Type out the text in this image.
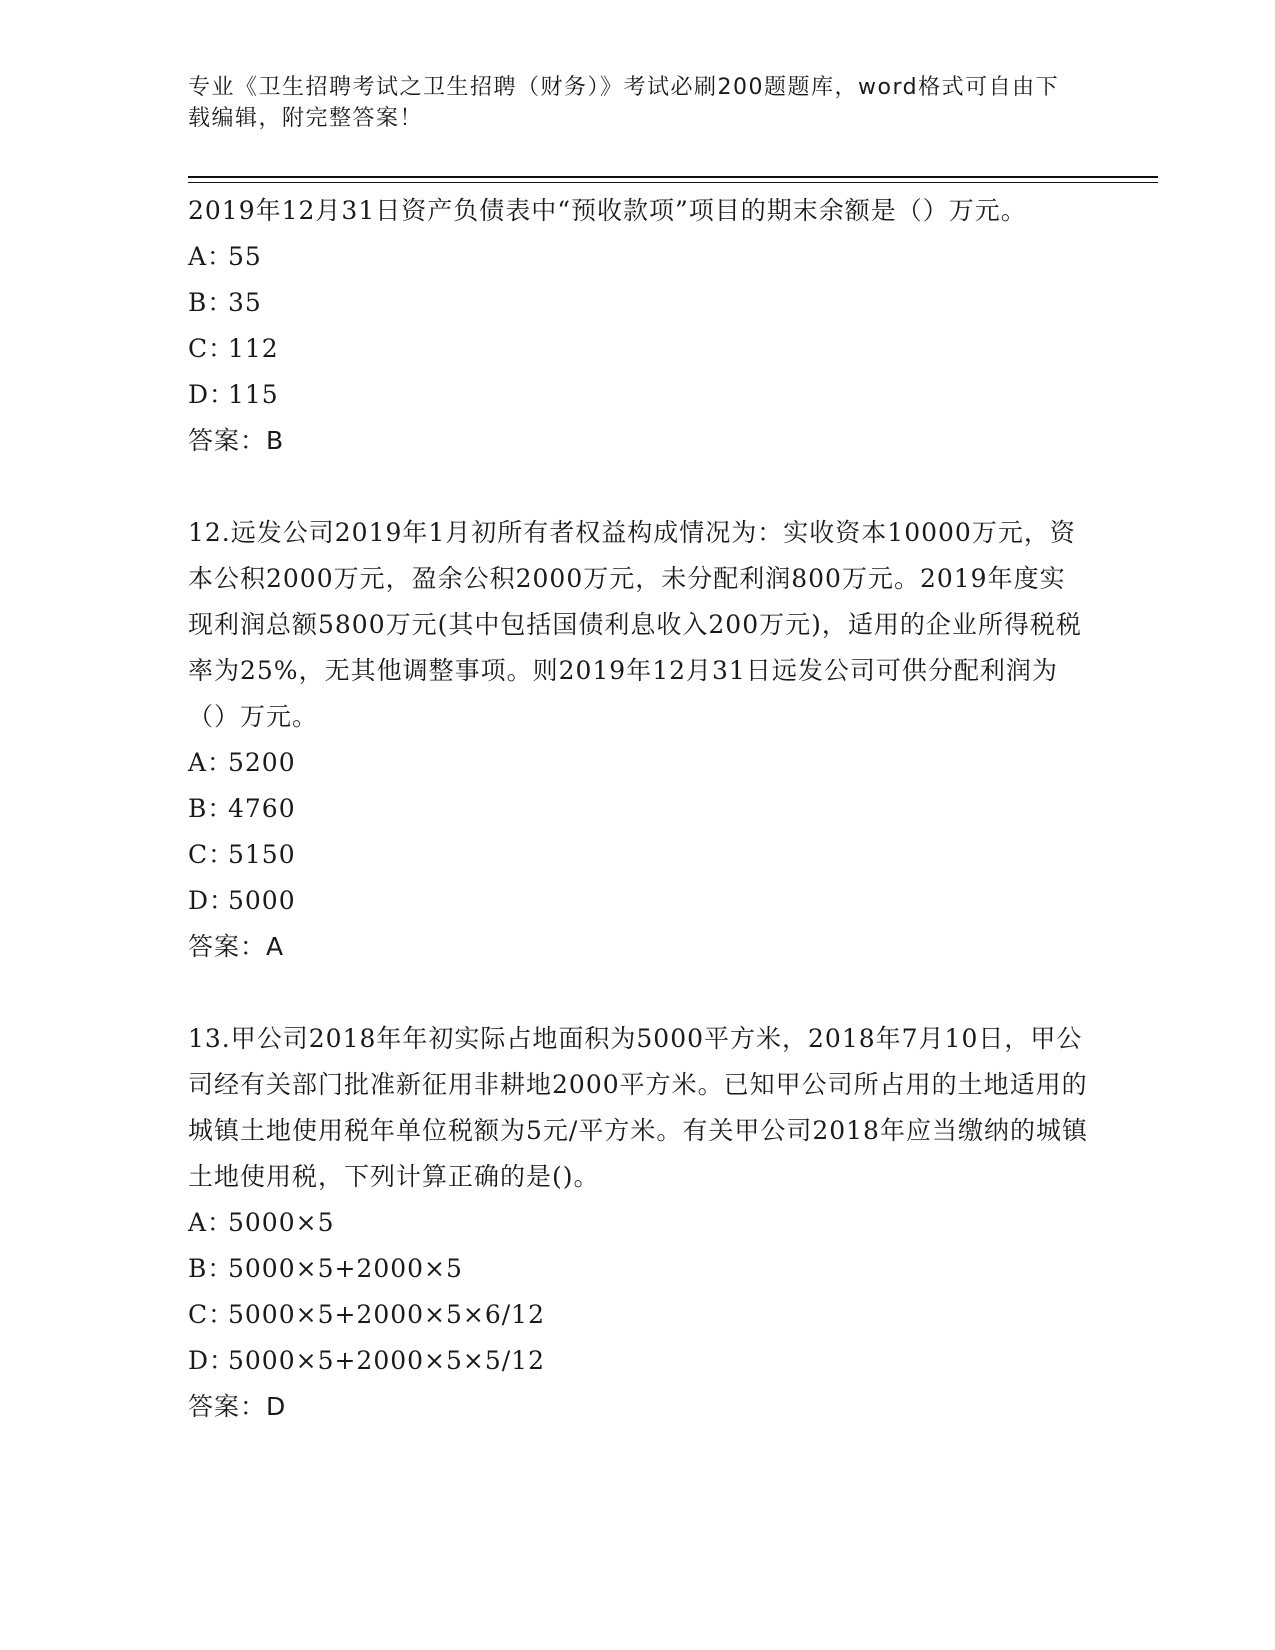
专业《卫生招聘考试之卫生招聘（财务）》考试必刷200题题库，word格式可自由下载编辑，附完整答案！

2019年12月31日资产负债表中“预收款项”项目的期末余额是（）万元。

A：55

B：35

C：112

D：115

答案：B

12.远发公司2019年1月初所有者权益构成情况为：实收资本10000万元，资本公积2000万元，盈余公积2000万元，未分配利润800万元。2019年度实现利润总额5800万元(其中包括国债利息收入200万元)，适用的企业所得税税率为25%，无其他调整事项。则2019年12月31日远发公司可供分配利润为（）万元。

A：5200

B：4760

C：5150

D：5000

答案：A

13.甲公司2018年年初实际占地面积为5000平方米，2018年7月10日，甲公司经有关部门批准新征用非耕地2000平方米。已知甲公司所占用的土地适用的城镇土地使用税年单位税额为5元/平方米。有关甲公司2018年应当缴纳的城镇土地使用税，下列计算正确的是()。

A：5000×5

B：5000×5+2000×5

C：5000×5+2000×5×6/12

D：5000×5+2000×5×5/12

答案：D
